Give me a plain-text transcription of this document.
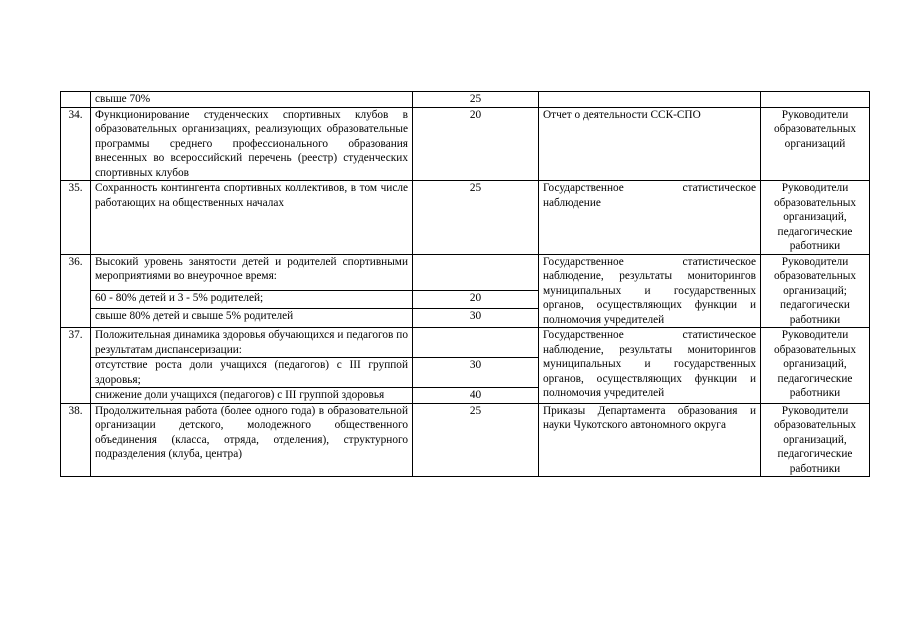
	свыше 70%	25		
34.	Функционирование студенческих спортивных клубов в образовательных организациях, реализующих образовательные программы среднего профессионального образования внесенных во всероссийский перечень (реестр) студенческих спортивных клубов	20	Отчет о деятельности ССК-СПО	Руководители образовательных организаций
35.	Сохранность контингента спортивных коллективов, в том числе работающих на общественных началах	25	Государственное статистическое наблюдение	Руководители образовательных организаций, педагогические работники
36.	Высокий уровень занятости детей и родителей спортивными мероприятиями во внеурочное время:		Государственное статистическое наблюдение, результаты мониторингов муниципальных и государственных органов, осуществляющих функции и полномочия учредителей	Руководители образовательных организаций; педагогически работники
	60 - 80% детей и 3 - 5% родителей;	20		
	свыше 80% детей и свыше 5% родителей	30		
37.	Положительная динамика здоровья обучающихся и педагогов по результатам диспансеризации:		Государственное статистическое наблюдение, результаты мониторингов муниципальных и государственных органов, осуществляющих функции и полномочия учредителей	Руководители образовательных организаций, педагогические работники
	отсутствие роста доли учащихся (педагогов) с III группой здоровья;	30		
	снижение доли учащихся (педагогов) с III группой здоровья	40		
38.	Продолжительная работа (более одного года) в образовательной организации детского, молодежного общественного объединения (класса, отряда, отделения), структурного подразделения (клуба, центра)	25	Приказы Департамента образования и науки Чукотского автономного округа	Руководители образовательных организаций, педагогические работники
